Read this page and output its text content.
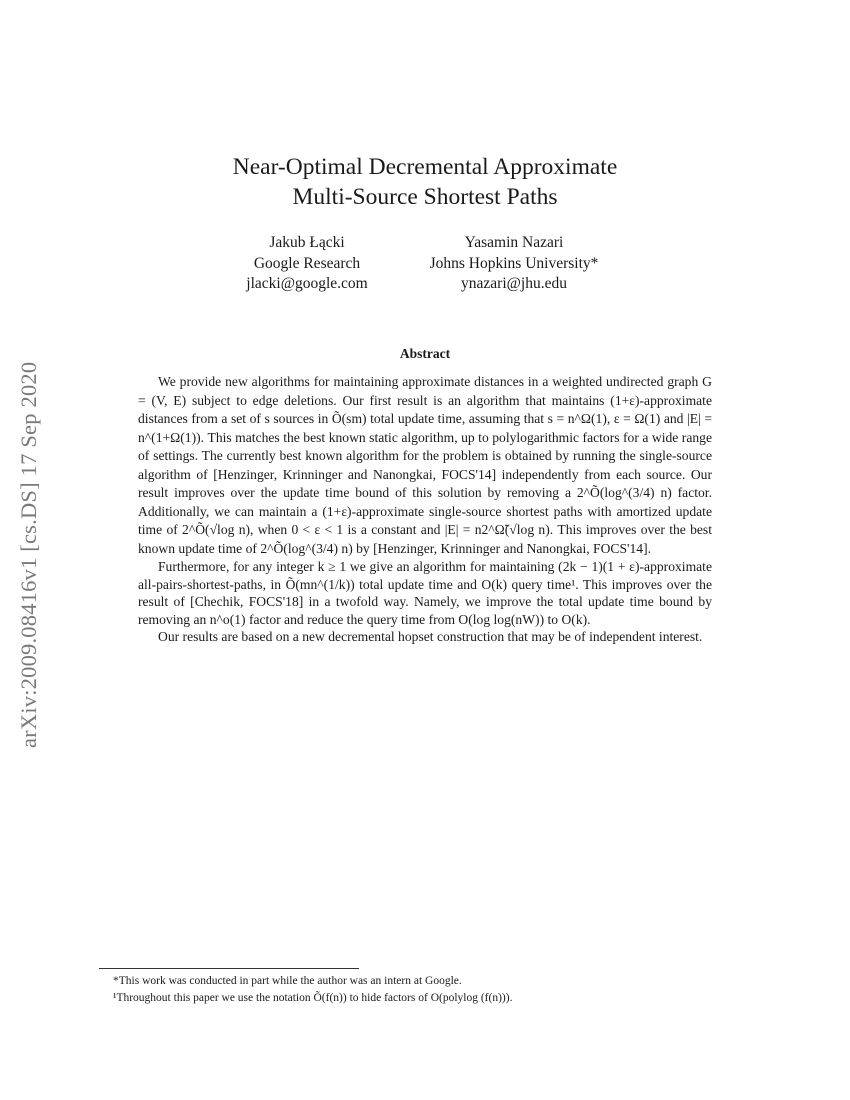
arXiv:2009.08416v1 [cs.DS] 17 Sep 2020
Near-Optimal Decremental Approximate
Multi-Source Shortest Paths
Jakub Łącki
Google Research
jlacki@google.com
Yasamin Nazari
Johns Hopkins University*
ynazari@jhu.edu
Abstract

We provide new algorithms for maintaining approximate distances in a weighted undirected graph G = (V, E) subject to edge deletions. Our first result is an algorithm that maintains (1+ε)-approximate distances from a set of s sources in Õ(sm) total update time, assuming that s = n^Ω(1), ε = Ω(1) and |E| = n^(1+Ω(1)). This matches the best known static algorithm, up to polylogarithmic factors for a wide range of settings. The currently best known algorithm for the problem is obtained by running the single-source algorithm of [Henzinger, Krinninger and Nanongkai, FOCS'14] independently from each source. Our result improves over the update time bound of this solution by removing a 2^Õ(log^(3/4) n) factor. Additionally, we can maintain a (1+ε)-approximate single-source shortest paths with amortized update time of 2^Õ(√log n), when 0 < ε < 1 is a constant and |E| = n2^Ω̃(√log n). This improves over the best known update time of 2^Õ(log^(3/4) n) by [Henzinger, Krinninger and Nanongkai, FOCS'14].

Furthermore, for any integer k ≥ 1 we give an algorithm for maintaining (2k − 1)(1 + ε)-approximate all-pairs-shortest-paths, in Õ(mn^(1/k)) total update time and O(k) query time¹. This improves over the result of [Chechik, FOCS'18] in a twofold way. Namely, we improve the total update time bound by removing an n^o(1) factor and reduce the query time from O(log log(nW)) to O(k).

Our results are based on a new decremental hopset construction that may be of independent interest.

*This work was conducted in part while the author was an intern at Google.
¹Throughout this paper we use the notation Õ(f(n)) to hide factors of O(polylog (f(n))).
